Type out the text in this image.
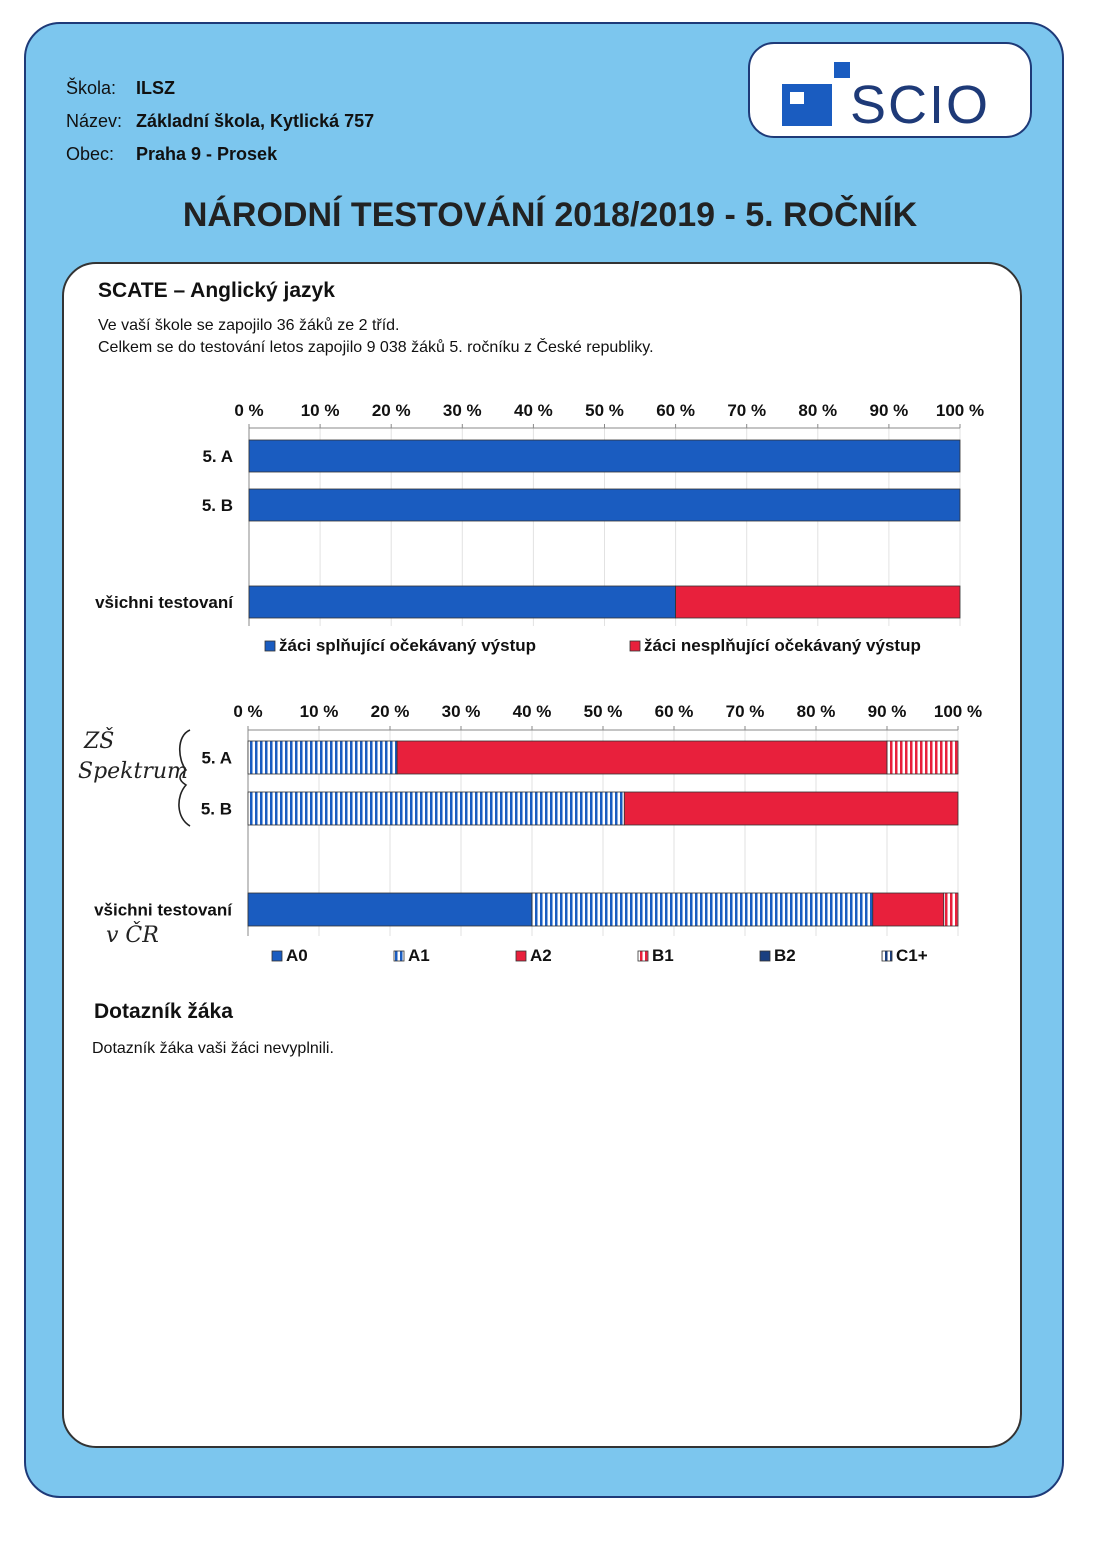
Škola:	ILSZ
Název: Základní škola, Kytlická 757
Obec:	Praha 9 - Prosek
SCIO
NÁRODNÍ TESTOVÁNÍ 2018/2019 - 5. ROČNÍK
SCATE – Anglický jazyk
Ve vaší škole se zapojilo 36 žáků ze 2 tříd.
Celkem se do testování letos zapojilo 9 038 žáků 5. ročníku z České republiky.
0 % 10 % 20 % 30 % 40 % 50 % 60 % 70 % 80 % 90 % 100 %
5. A
5. B
všichni testovaní
žáci splňující očekávaný výstup	žáci nesplňující očekávaný výstup
0 % 10 % 20 % 30 % 40 % 50 % 60 % 70 % 80 % 90 % 100 %
5. A
5. B
všichni testovaní
A0	A1	A2	B1	B2	C1+
ZŠ
Spektrum
v ČR
Dotazník žáka
Dotazník žáka vaši žáci nevyplnili.
